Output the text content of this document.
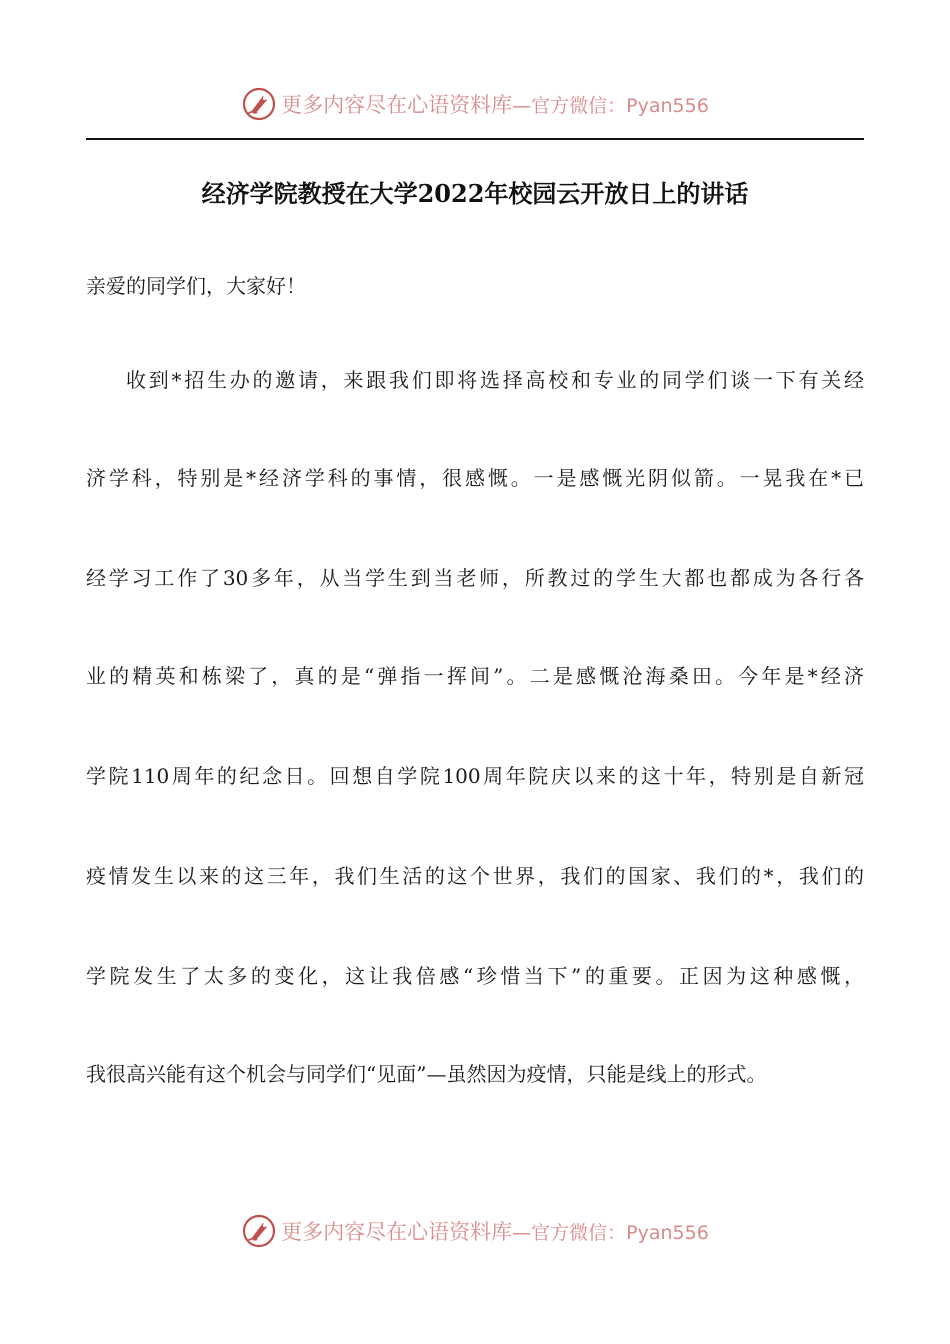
更多内容尽在心语资料库 —官方微信：Pyan556
经济学院教授在大学2022年校园云开放日上的讲话
亲爱的同学们，大家好！
收到*招生办的邀请，来跟我们即将选择高校和专业的同学们谈一下有关经
济学科，特别是*经济学科的事情，很感慨。一是感慨光阴似箭。一晃我在*已
经学习工作了30多年，从当学生到当老师，所教过的学生大都也都成为各行各
业的精英和栋梁了，真的是“弹指一挥间”。二是感慨沧海桑田。今年是*经济
学院110周年的纪念日。回想自学院100周年院庆以来的这十年，特别是自新冠
疫情发生以来的这三年，我们生活的这个世界，我们的国家、我们的*，我们的
学院发生了太多的变化，这让我倍感“珍惜当下”的重要。正因为这种感慨，
我很高兴能有这个机会与同学们“见面”—虽然因为疫情，只能是线上的形式。
更多内容尽在心语资料库 —官方微信：Pyan556
